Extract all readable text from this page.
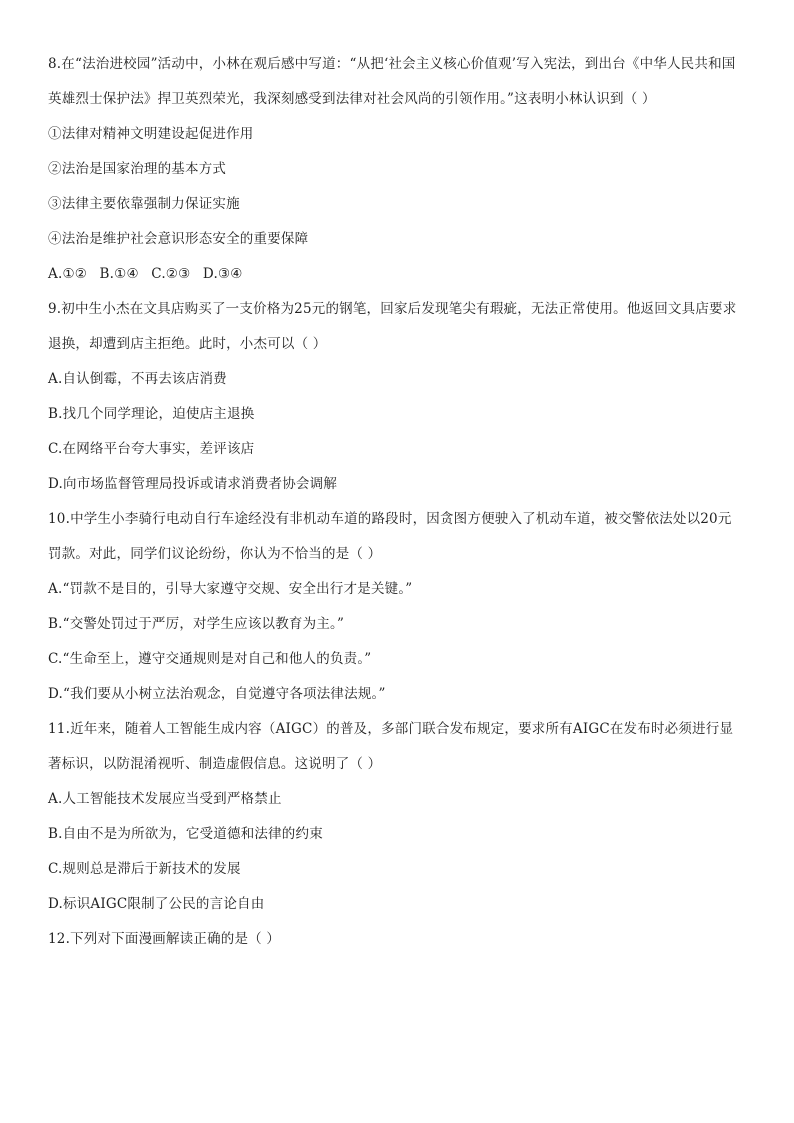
8.在“法治进校园”活动中，小林在观后感中写道：“从把‘社会主义核心价值观’写入宪法，到出台《中华人民共和国
英雄烈士保护法》捍卫英烈荣光，我深刻感受到法律对社会风尚的引领作用。”这表明小林认识到（ ）
①法律对精神文明建设起促进作用
②法治是国家治理的基本方式
③法律主要依靠强制力保证实施
④法治是维护社会意识形态安全的重要保障
A.①② B.①④ C.②③ D.③④
9.初中生小杰在文具店购买了一支价格为25元的钢笔，回家后发现笔尖有瑕疵，无法正常使用。他返回文具店要求
退换，却遭到店主拒绝。此时，小杰可以（ ）
A.自认倒霉，不再去该店消费
B.找几个同学理论，迫使店主退换
C.在网络平台夸大事实，差评该店
D.向市场监督管理局投诉或请求消费者协会调解
10.中学生小李骑行电动自行车途经没有非机动车道的路段时，因贪图方便驶入了机动车道，被交警依法处以20元
罚款。对此，同学们议论纷纷，你认为不恰当的是（ ）
A.“罚款不是目的，引导大家遵守交规、安全出行才是关键。”
B.“交警处罚过于严厉，对学生应该以教育为主。”
C.“生命至上，遵守交通规则是对自己和他人的负责。”
D.“我们要从小树立法治观念，自觉遵守各项法律法规。”
11.近年来，随着人工智能生成内容（AIGC）的普及，多部门联合发布规定，要求所有AIGC在发布时必须进行显
著标识，以防混淆视听、制造虚假信息。这说明了（ ）
A.人工智能技术发展应当受到严格禁止
B.自由不是为所欲为，它受道德和法律的约束
C.规则总是滞后于新技术的发展
D.标识AIGC限制了公民的言论自由
12.下列对下面漫画解读正确的是（ ）
